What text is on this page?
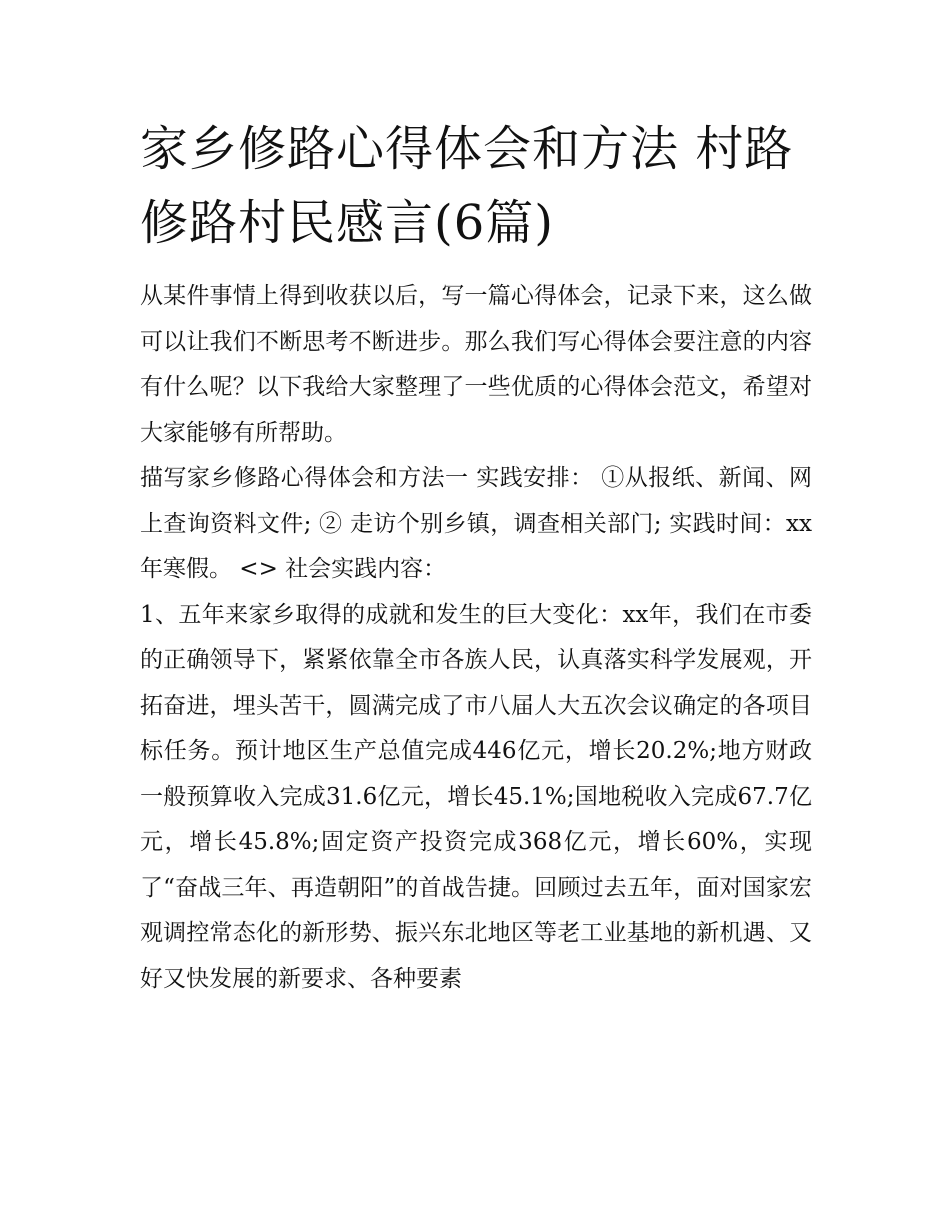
家乡修路心得体会和方法 村路修路村民感言(6篇)

从某件事情上得到收获以后，写一篇心得体会，记录下来，这么做可以让我们不断思考不断进步。那么我们写心得体会要注意的内容有什么呢？以下我给大家整理了一些优质的心得体会范文，希望对大家能够有所帮助。

描写家乡修路心得体会和方法一 实践安排： ①从报纸、新闻、网上查询资料文件; ② 走访个别乡镇，调查相关部门; 实践时间：xx年寒假。 <> 社会实践内容：

1、五年来家乡取得的成就和发生的巨大变化：xx年，我们在市委的正确领导下，紧紧依靠全市各族人民，认真落实科学发展观，开拓奋进，埋头苦干，圆满完成了市八届人大五次会议确定的各项目标任务。预计地区生产总值完成446亿元，增长20.2%;地方财政一般预算收入完成31.6亿元，增长45.1%;国地税收入完成67.7亿元，增长45.8%;固定资产投资完成368亿元，增长60%，实现了“奋战三年、再造朝阳”的首战告捷。回顾过去五年，面对国家宏观调控常态化的新形势、振兴东北地区等老工业基地的新机遇、又好又快发展的新要求、各种要素
